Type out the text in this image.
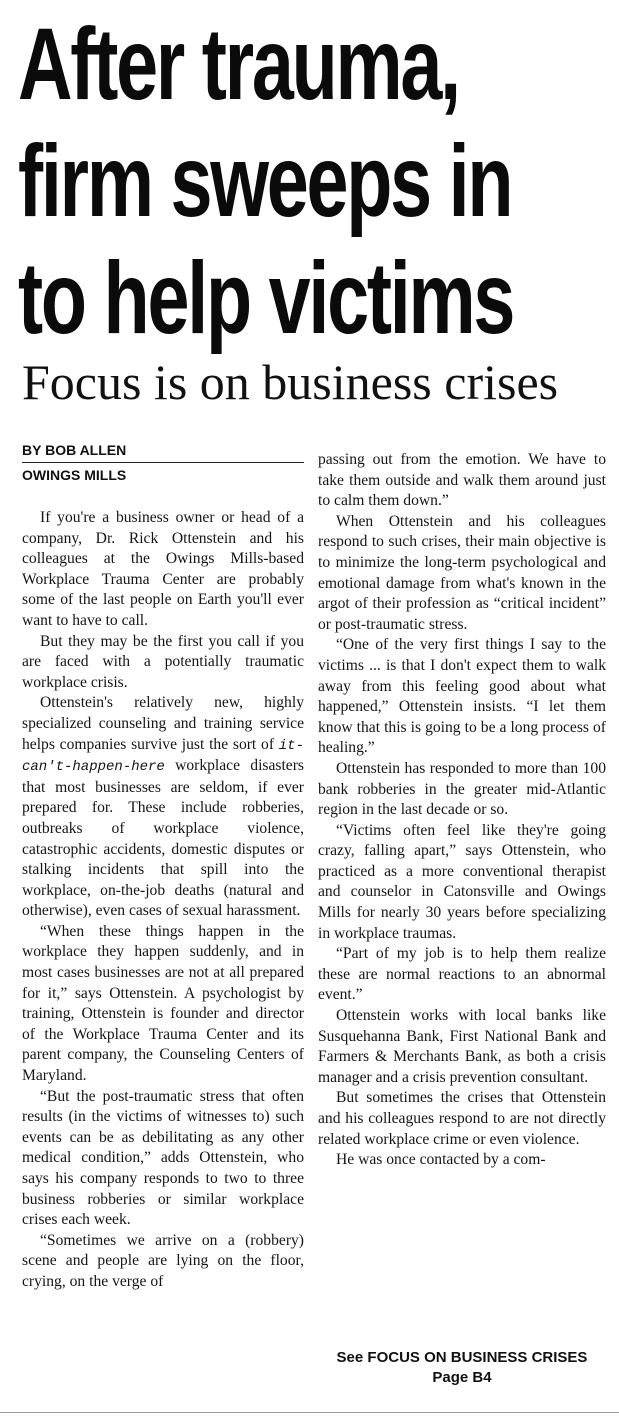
After trauma,
firm sweeps in
to help victims
Focus is on business crises
BY BOB ALLEN
OWINGS MILLS

If you're a business owner or head of a company, Dr. Rick Ottenstein and his colleagues at the Owings Mills-based Workplace Trauma Center are probably some of the last people on Earth you'll ever want to have to call.

But they may be the first you call if you are faced with a potentially traumatic workplace crisis.

Ottenstein's relatively new, highly specialized counseling and training service helps companies survive just the sort of it-can't-happen-here workplace disasters that most businesses are seldom, if ever prepared for. These include robberies, outbreaks of workplace violence, catastrophic accidents, domestic disputes or stalking incidents that spill into the workplace, on-the-job deaths (natural and otherwise), even cases of sexual harassment.

“When these things happen in the workplace they happen suddenly, and in most cases businesses are not at all prepared for it,” says Ottenstein. A psychologist by training, Ottenstein is founder and director of the Workplace Trauma Center and its parent company, the Counseling Centers of Maryland.

“But the post-traumatic stress that often results (in the victims of witnesses to) such events can be as debilitating as any other medical condition,” adds Ottenstein, who says his company responds to two to three business robberies or similar workplace crises each week.

“Sometimes we arrive on a (robbery) scene and people are lying on the floor, crying, on the verge of

passing out from the emotion. We have to take them outside and walk them around just to calm them down.”

When Ottenstein and his colleagues respond to such crises, their main objective is to minimize the long-term psychological and emotional damage from what's known in the argot of their profession as “critical incident” or post-traumatic stress.

“One of the very first things I say to the victims ... is that I don't expect them to walk away from this feeling good about what happened,” Ottenstein insists. “I let them know that this is going to be a long process of healing.”

Ottenstein has responded to more than 100 bank robberies in the greater mid-Atlantic region in the last decade or so.

“Victims often feel like they're going crazy, falling apart,” says Ottenstein, who practiced as a more conventional therapist and counselor in Catonsville and Owings Mills for nearly 30 years before specializing in workplace traumas.

“Part of my job is to help them realize these are normal reactions to an abnormal event.”

Ottenstein works with local banks like Susquehanna Bank, First National Bank and Farmers & Merchants Bank, as both a crisis manager and a crisis prevention consultant.

But sometimes the crises that Ottenstein and his colleagues respond to are not directly related workplace crime or even violence.

He was once contacted by a com-

See FOCUS ON BUSINESS CRISES
Page B4
